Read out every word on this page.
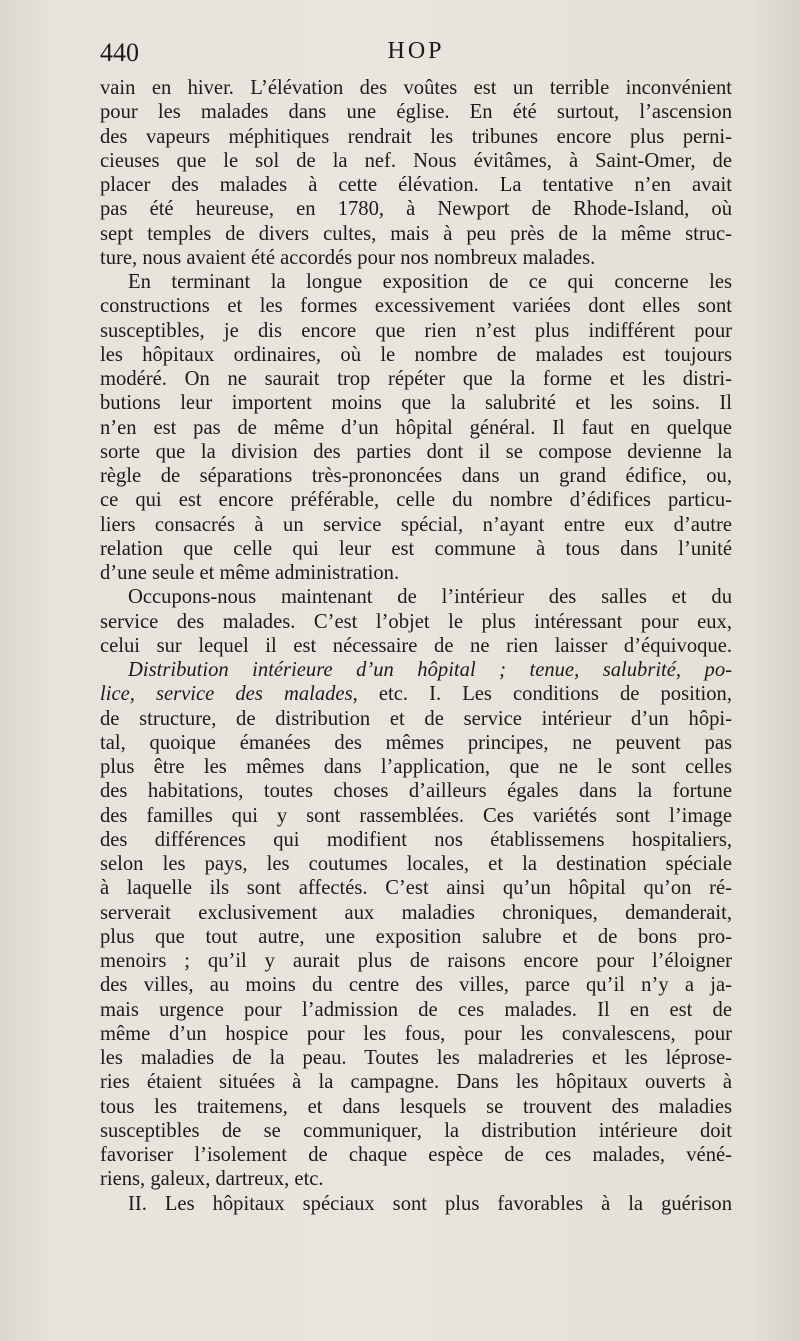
440	HOP
vain en hiver. L’élévation des voûtes est un terrible inconvénient
pour les malades dans une église. En été surtout, l’ascension
des vapeurs méphitiques rendrait les tribunes encore plus perni-
cieuses que le sol de la nef. Nous évitâmes, à Saint-Omer, de
placer des malades à cette élévation. La tentative n’en avait
pas été heureuse, en 1780, à Newport de Rhode-Island, où
sept temples de divers cultes, mais à peu près de la même struc-
ture, nous avaient été accordés pour nos nombreux malades.
En terminant la longue exposition de ce qui concerne les
constructions et les formes excessivement variées dont elles sont
susceptibles, je dis encore que rien n’est plus indifférent pour
les hôpitaux ordinaires, où le nombre de malades est toujours
modéré. On ne saurait trop répéter que la forme et les distri-
butions leur importent moins que la salubrité et les soins. Il
n’en est pas de même d’un hôpital général. Il faut en quelque
sorte que la division des parties dont il se compose devienne la
règle de séparations très-prononcées dans un grand édifice, ou,
ce qui est encore préférable, celle du nombre d’édifices particu-
liers consacrés à un service spécial, n’ayant entre eux d’autre
relation que celle qui leur est commune à tous dans l’unité
d’une seule et même administration.
Occupons-nous maintenant de l’intérieur des salles et du
service des malades. C’est l’objet le plus intéressant pour eux,
celui sur lequel il est nécessaire de ne rien laisser d’équivoque.
Distribution intérieure d’un hôpital ; tenue, salubrité, po-
lice, service des malades, etc. I. Les conditions de position,
de structure, de distribution et de service intérieur d’un hôpi-
tal, quoique émanées des mêmes principes, ne peuvent pas
plus être les mêmes dans l’application, que ne le sont celles
des habitations, toutes choses d’ailleurs égales dans la fortune
des familles qui y sont rassemblées. Ces variétés sont l’image
des différences qui modifient nos établissemens hospitaliers,
selon les pays, les coutumes locales, et la destination spéciale
à laquelle ils sont affectés. C’est ainsi qu’un hôpital qu’on ré-
serverait exclusivement aux maladies chroniques, demanderait,
plus que tout autre, une exposition salubre et de bons pro-
menoirs ; qu’il y aurait plus de raisons encore pour l’éloigner
des villes, au moins du centre des villes, parce qu’il n’y a ja-
mais urgence pour l’admission de ces malades. Il en est de
même d’un hospice pour les fous, pour les convalescens, pour
les maladies de la peau. Toutes les maladreries et les léprose-
ries étaient situées à la campagne. Dans les hôpitaux ouverts à
tous les traitemens, et dans lesquels se trouvent des maladies
susceptibles de se communiquer, la distribution intérieure doit
favoriser l’isolement de chaque espèce de ces malades, véné-
riens, galeux, dartreux, etc.
II. Les hôpitaux spéciaux sont plus favorables à la guérison
